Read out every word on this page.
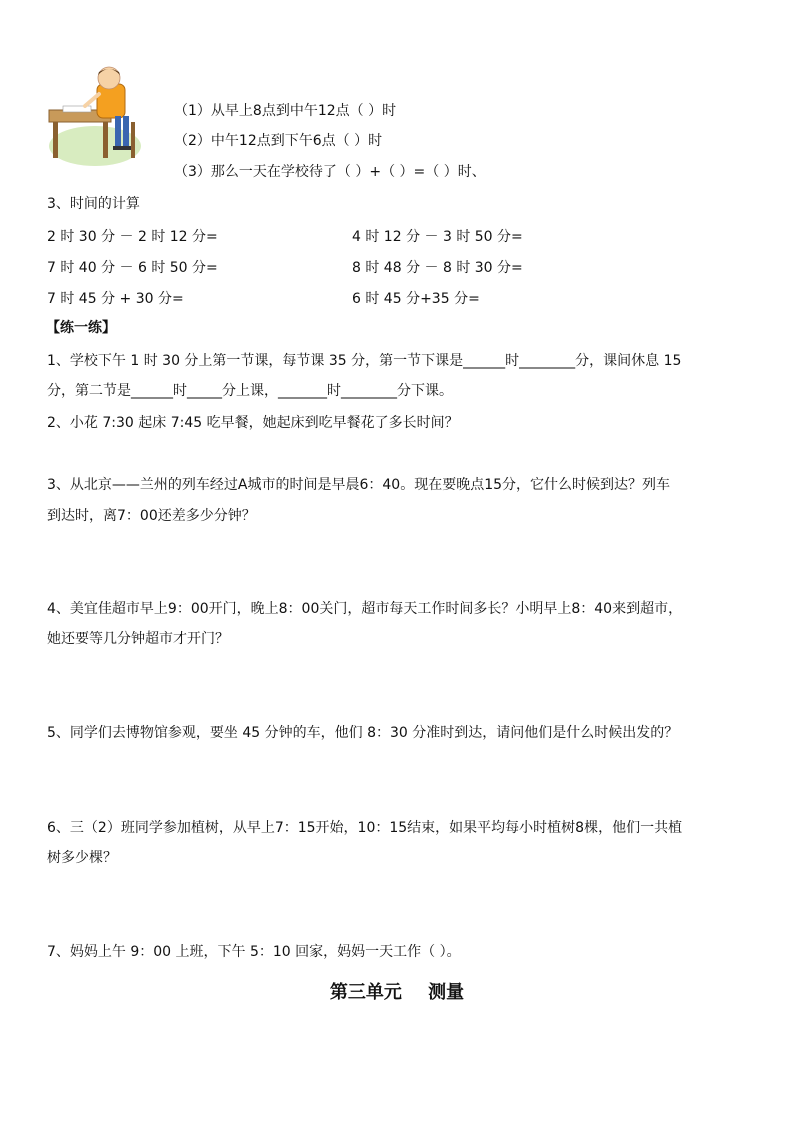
（1）从早上8点到中午12点（ ）时
（2）中午12点到下午6点（ ）时
（3）那么一天在学校待了（ ）+（ ）=（ ）时、
3、时间的计算
2 时 30 分 － 2 时 12 分=	4 时 12 分 － 3 时 50 分=
7 时 40 分 － 6 时 50 分=	8 时 48 分 － 8 时 30 分=
7 时 45 分 + 30 分=	6 时 45 分+35 分=
【练一练】
1、学校下午 1 时 30 分上第一节课，每节课 35 分，第一节下课是______时________分，课间休息 15
分，第二节是______时_____分上课，_______时________分下课。
2、小花 7:30 起床 7:45 吃早餐，她起床到吃早餐花了多长时间？
3、从北京——兰州的列车经过A城市的时间是早晨6：40。现在要晚点15分，它什么时候到达？列车
到达时，离7：00还差多少分钟？
4、美宜佳超市早上9：00开门，晚上8：00关门，超市每天工作时间多长？小明早上8：40来到超市，
她还要等几分钟超市才开门？
5、同学们去博物馆参观，要坐 45 分钟的车，他们 8：30 分准时到达，请问他们是什么时候出发的？
6、三（2）班同学参加植树，从早上7：15开始，10：15结束，如果平均每小时植树8棵，他们一共植
树多少棵？
7、妈妈上午 9：00 上班，下午 5：10 回家，妈妈一天工作（ ）。
第三单元 测量
